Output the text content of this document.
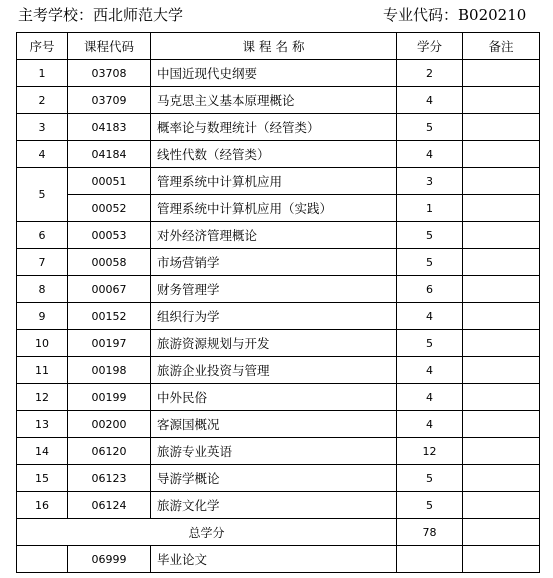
主考学校：西北师范大学	专业代码：B020210
序号	课程代码	课 程 名 称	学分	备注
1	03708	中国近现代史纲要	2	
2	03709	马克思主义基本原理概论	4	
3	04183	概率论与数理统计（经管类）	5	
4	04184	线性代数（经管类）	4	
5	00051	管理系统中计算机应用	3	
	00052	管理系统中计算机应用（实践）	1	
6	00053	对外经济管理概论	5	
7	00058	市场营销学	5	
8	00067	财务管理学	6	
9	00152	组织行为学	4	
10	00197	旅游资源规划与开发	5	
11	00198	旅游企业投资与管理	4	
12	00199	中外民俗	4	
13	00200	客源国概况	4	
14	06120	旅游专业英语	12	
15	06123	导游学概论	5	
16	06124	旅游文化学	5	
总学分			78	
	06999	毕业论文		
